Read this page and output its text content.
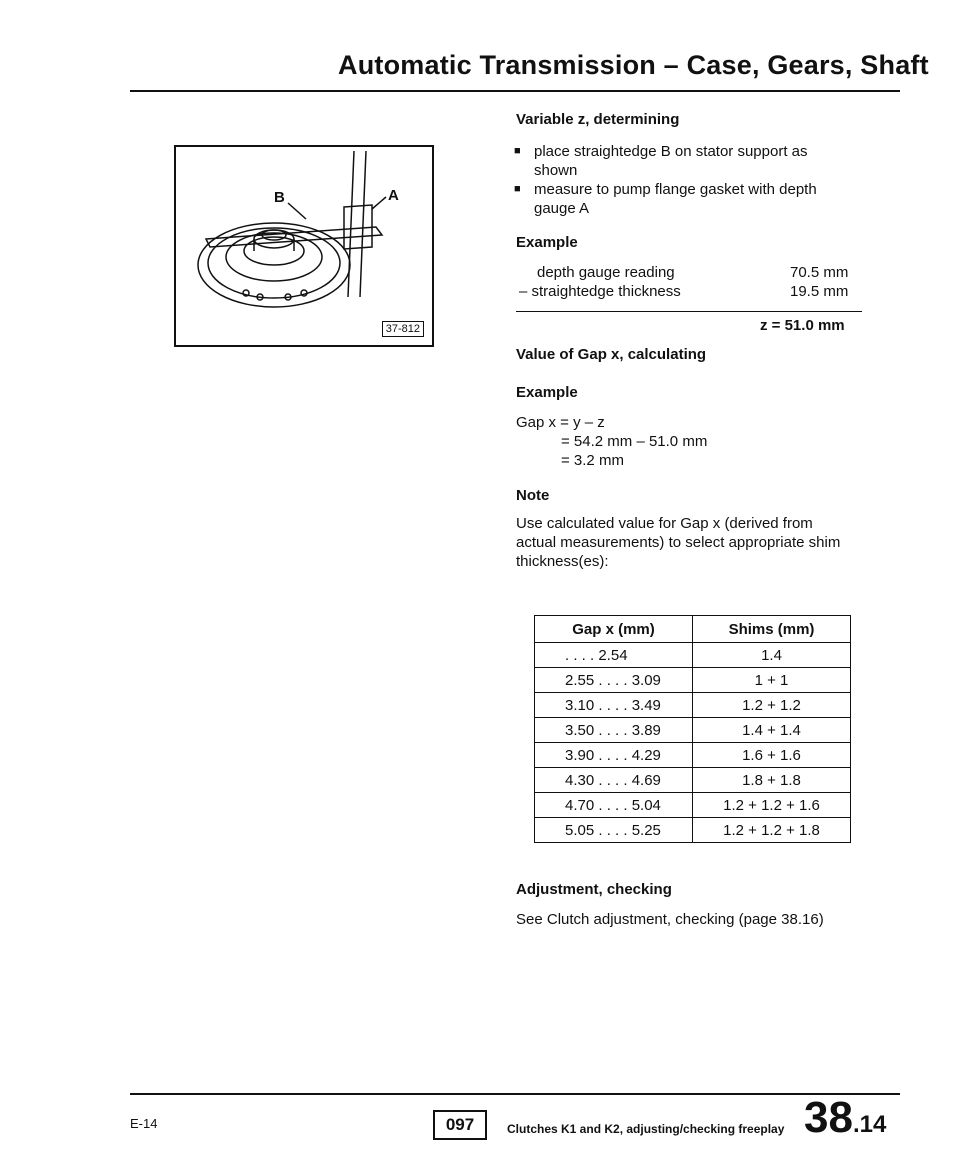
Automatic Transmission – Case, Gears, Shaft
B	A
37-812
Variable z, determining
■ place straightedge B on stator support as shown
■ measure to pump flange gasket with depth gauge A
Example
depth gauge reading	70.5 mm
– straightedge thickness	19.5 mm
z = 51.0 mm
Value of Gap x, calculating
Example
Gap x = y – z
= 54.2 mm – 51.0 mm
= 3.2 mm
Note
Use calculated value for Gap x (derived from actual measurements) to select appropriate shim thickness(es):
Gap x (mm)	Shims (mm)
. . . . 2.54	1.4
2.55 . . . . 3.09	1 + 1
3.10 . . . . 3.49	1.2 + 1.2
3.50 . . . . 3.89	1.4 + 1.4
3.90 . . . . 4.29	1.6 + 1.6
4.30 . . . . 4.69	1.8 + 1.8
4.70 . . . . 5.04	1.2 + 1.2 + 1.6
5.05 . . . . 5.25	1.2 + 1.2 + 1.8
Adjustment, checking
See Clutch adjustment, checking (page 38.16)
E-14	097	Clutches K1 and K2, adjusting/checking freeplay 38.14
